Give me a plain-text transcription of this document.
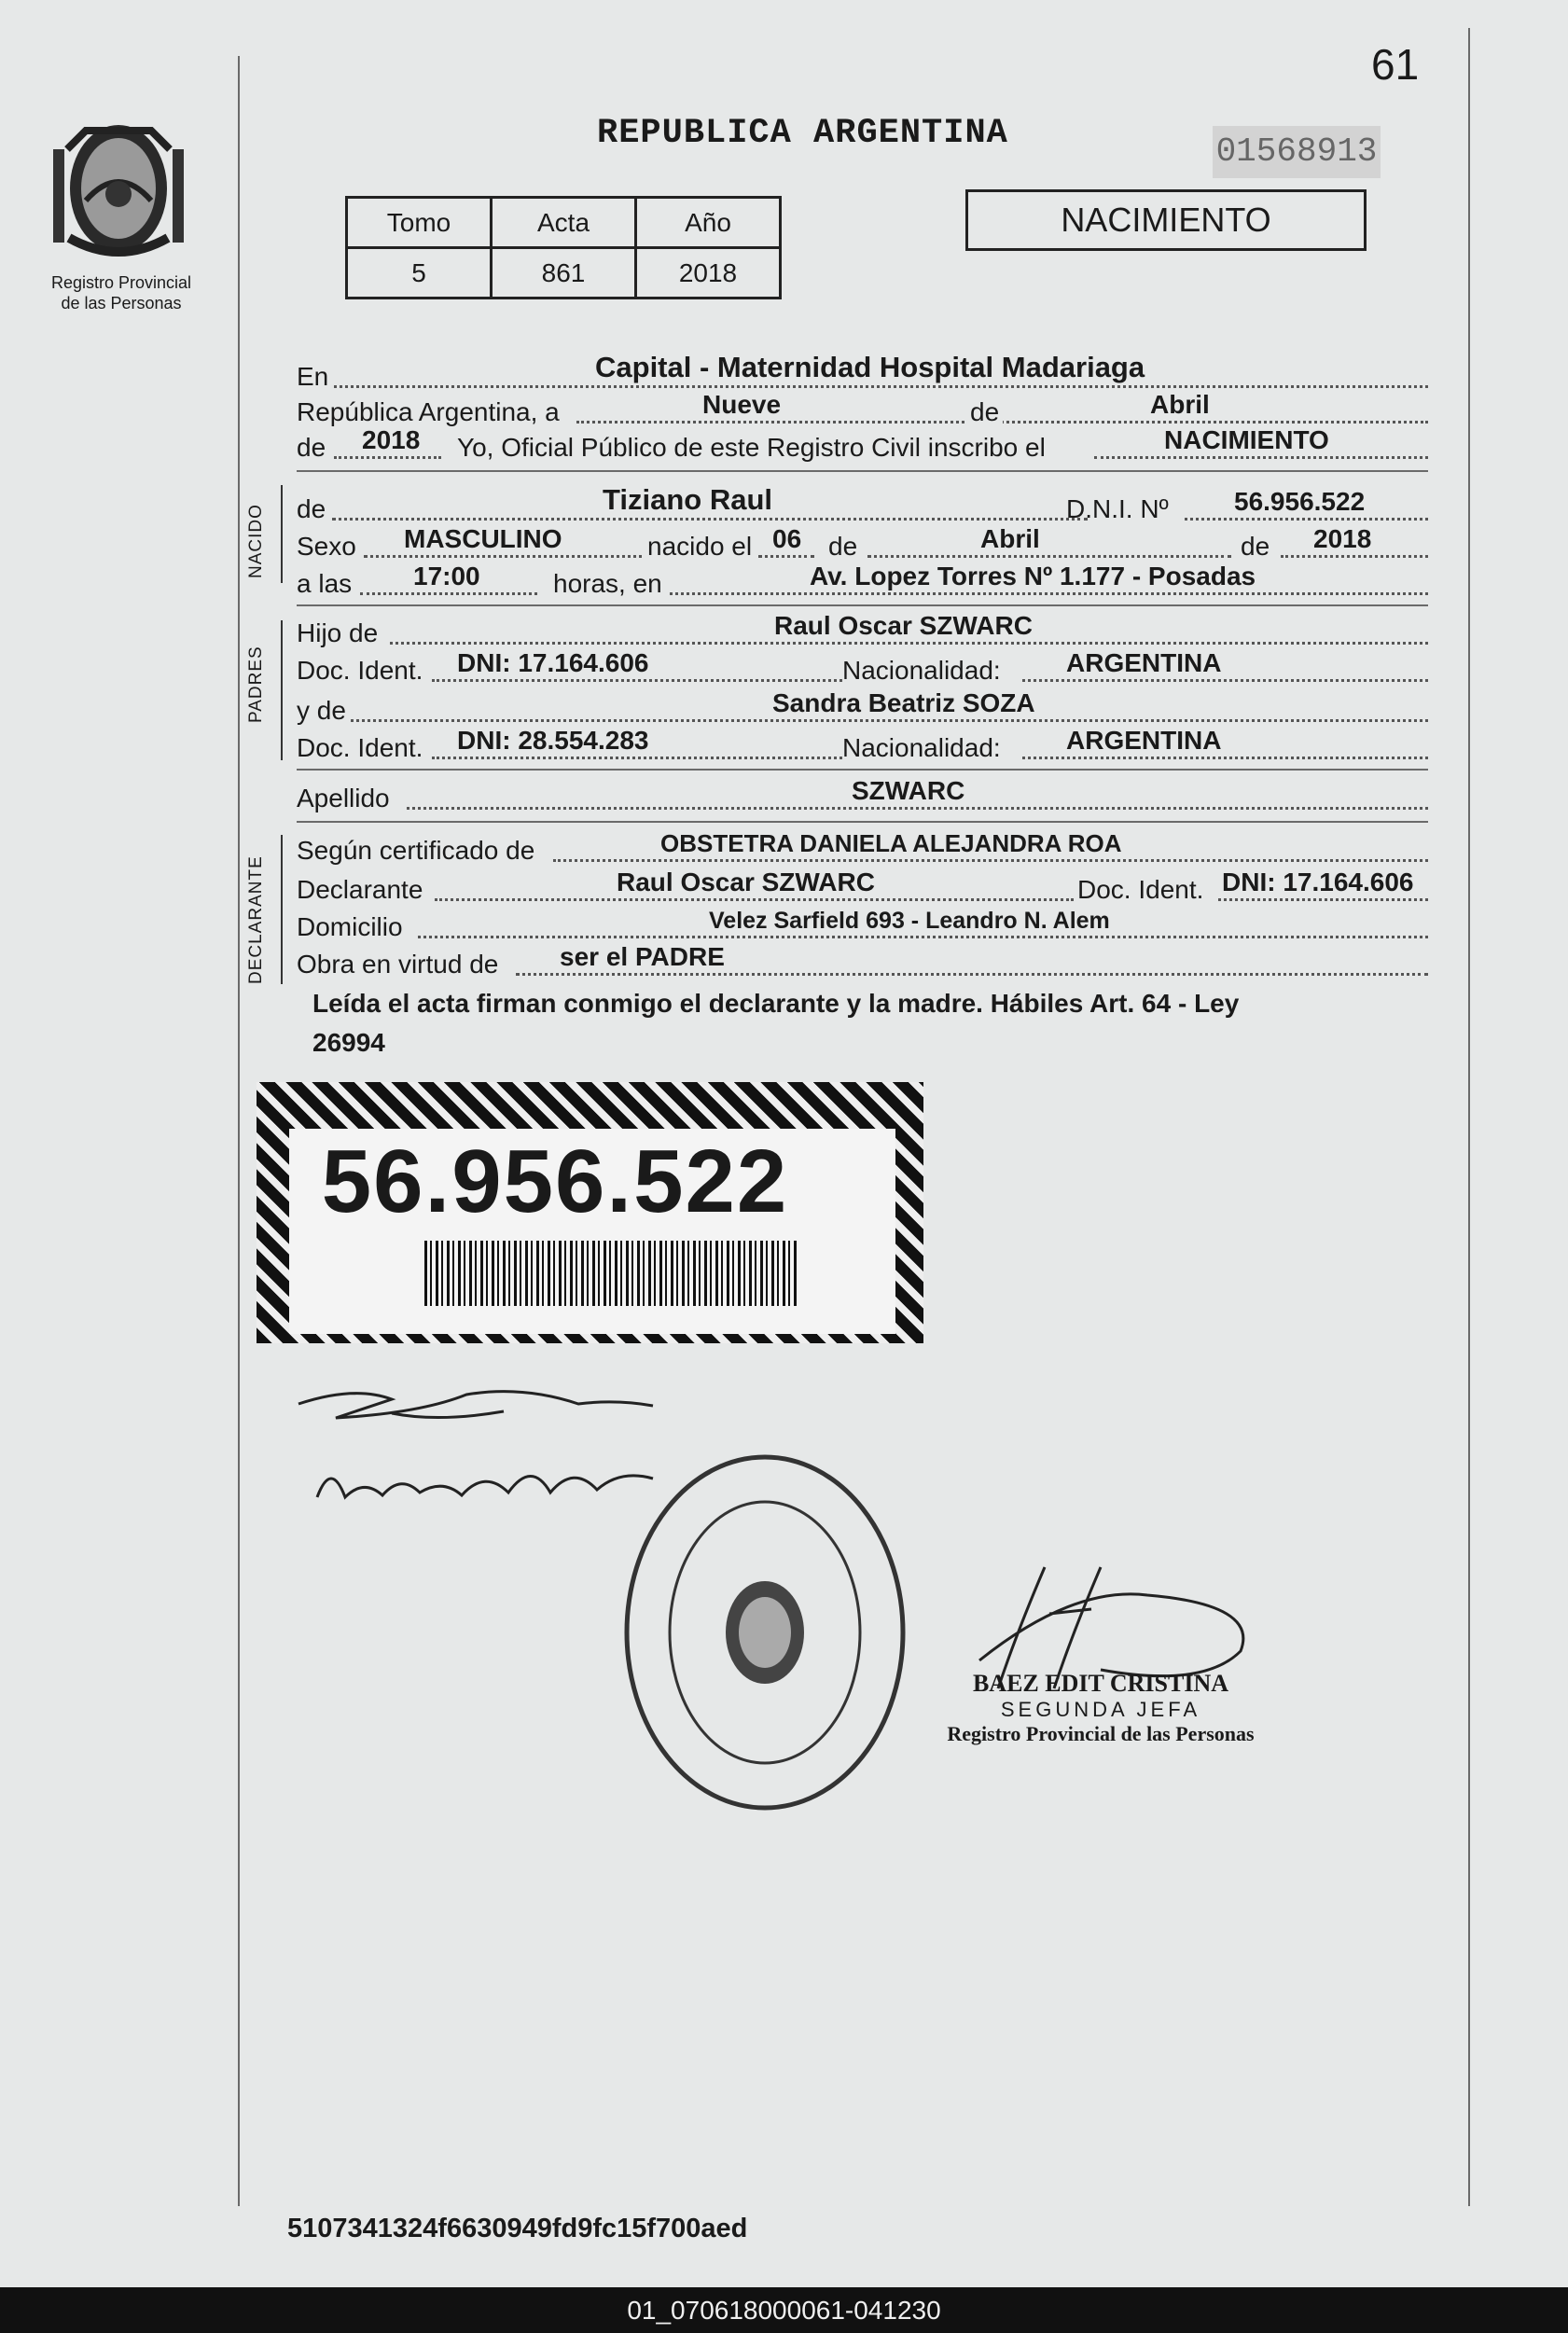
61
Registro Provincial
de las Personas
REPUBLICA ARGENTINA	01568913
Tomo	Acta	Año
5	861	2018
NACIMIENTO
En	Capital - Maternidad Hospital Madariaga
República Argentina, a	Nueve	de	Abril
de 2018 Yo, Oficial Público de este Registro Civil inscribo el	NACIMIENTO
NACIDO de	Tiziano Raul	D.N.I. Nº	56.956.522
Sexo MASCULINO	nacido el 06 de	Abril	de 2018
a las 17:00	horas, en	Av. Lopez Torres Nº 1.177 - Posadas
PADRES
Hijo de	Raul Oscar SZWARC
Doc. Ident. DNI: 17.164.606	Nacionalidad:	ARGENTINA
y de	Sandra Beatriz SOZA
Doc. Ident. DNI: 28.554.283	Nacionalidad:	ARGENTINA
Apellido	SZWARC
DECLARANTE
Según certificado de	OBSTETRA DANIELA ALEJANDRA ROA
Declarante	Raul Oscar SZWARC	Doc. Ident. DNI: 17.164.606
Domicilio	Velez Sarfield 693 - Leandro N. Alem
Obra en virtud de ser el PADRE
Leída el acta firman conmigo el declarante y la madre. Hábiles Art. 64 - Ley
26994
56.956.522
BAEZ EDIT CRISTINA
SEGUNDA JEFA
Registro Provincial de las Personas
5107341324f6630949fd9fc15f700aed
01_070618000061-041230
